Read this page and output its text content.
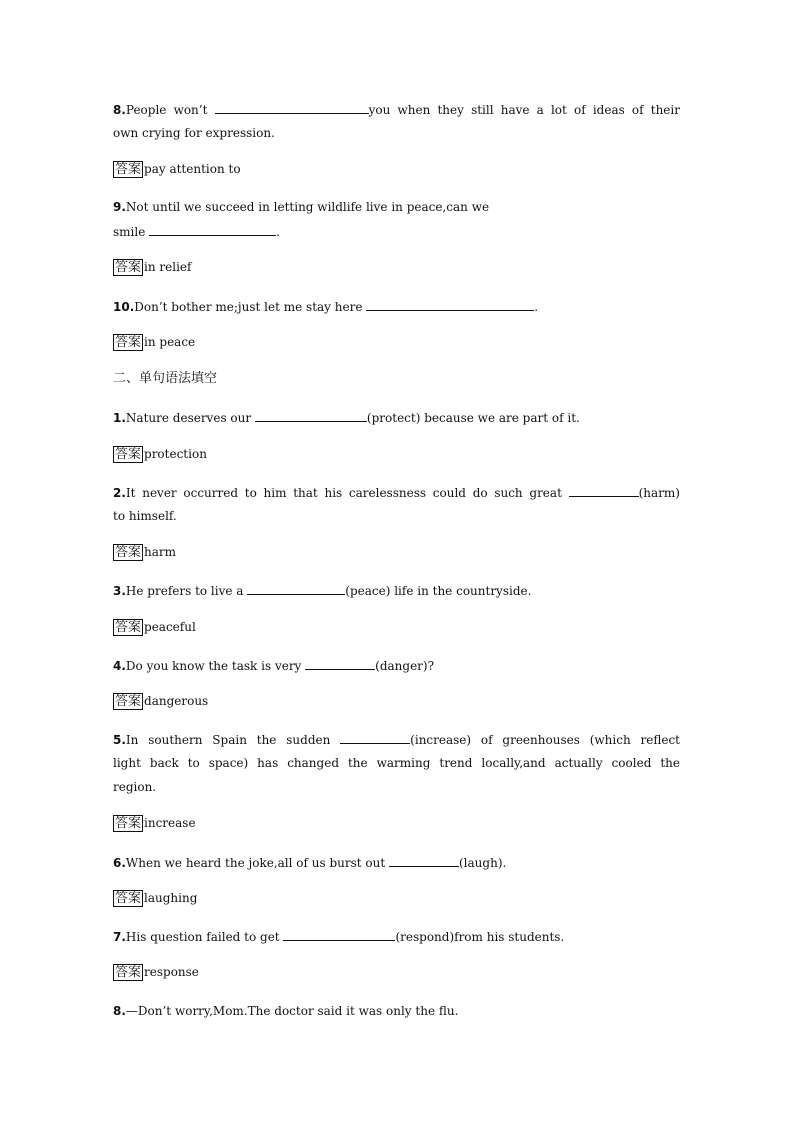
8.People won’t	you when they still have a lot of ideas of their
own crying for expression.
答案 pay attention to
9.Not until we succeed in letting wildlife live in peace,can we
smile	.
答案 in relief
10.Don’t bother me;just let me stay here	.
答案 in peace
二、单句语法填空
1.Nature deserves our	(protect) because we are part of it.
答案 protection
2.It never occurred to him that his carelessness could do such great	(harm)
to himself.
答案 harm
3.He prefers to live a	(peace) life in the countryside.
答案 peaceful
4.Do you know the task is very	(danger)?
答案 dangerous
5.In southern Spain the sudden	(increase) of greenhouses (which reflect
light back to space) has changed the warming trend locally,and actually cooled the
region.
答案 increase
6.When we heard the joke,all of us burst out	(laugh).
答案 laughing
7.His question failed to get	(respond)from his students.
答案 response
8.—Don’t worry,Mom.The doctor said it was only the flu.
